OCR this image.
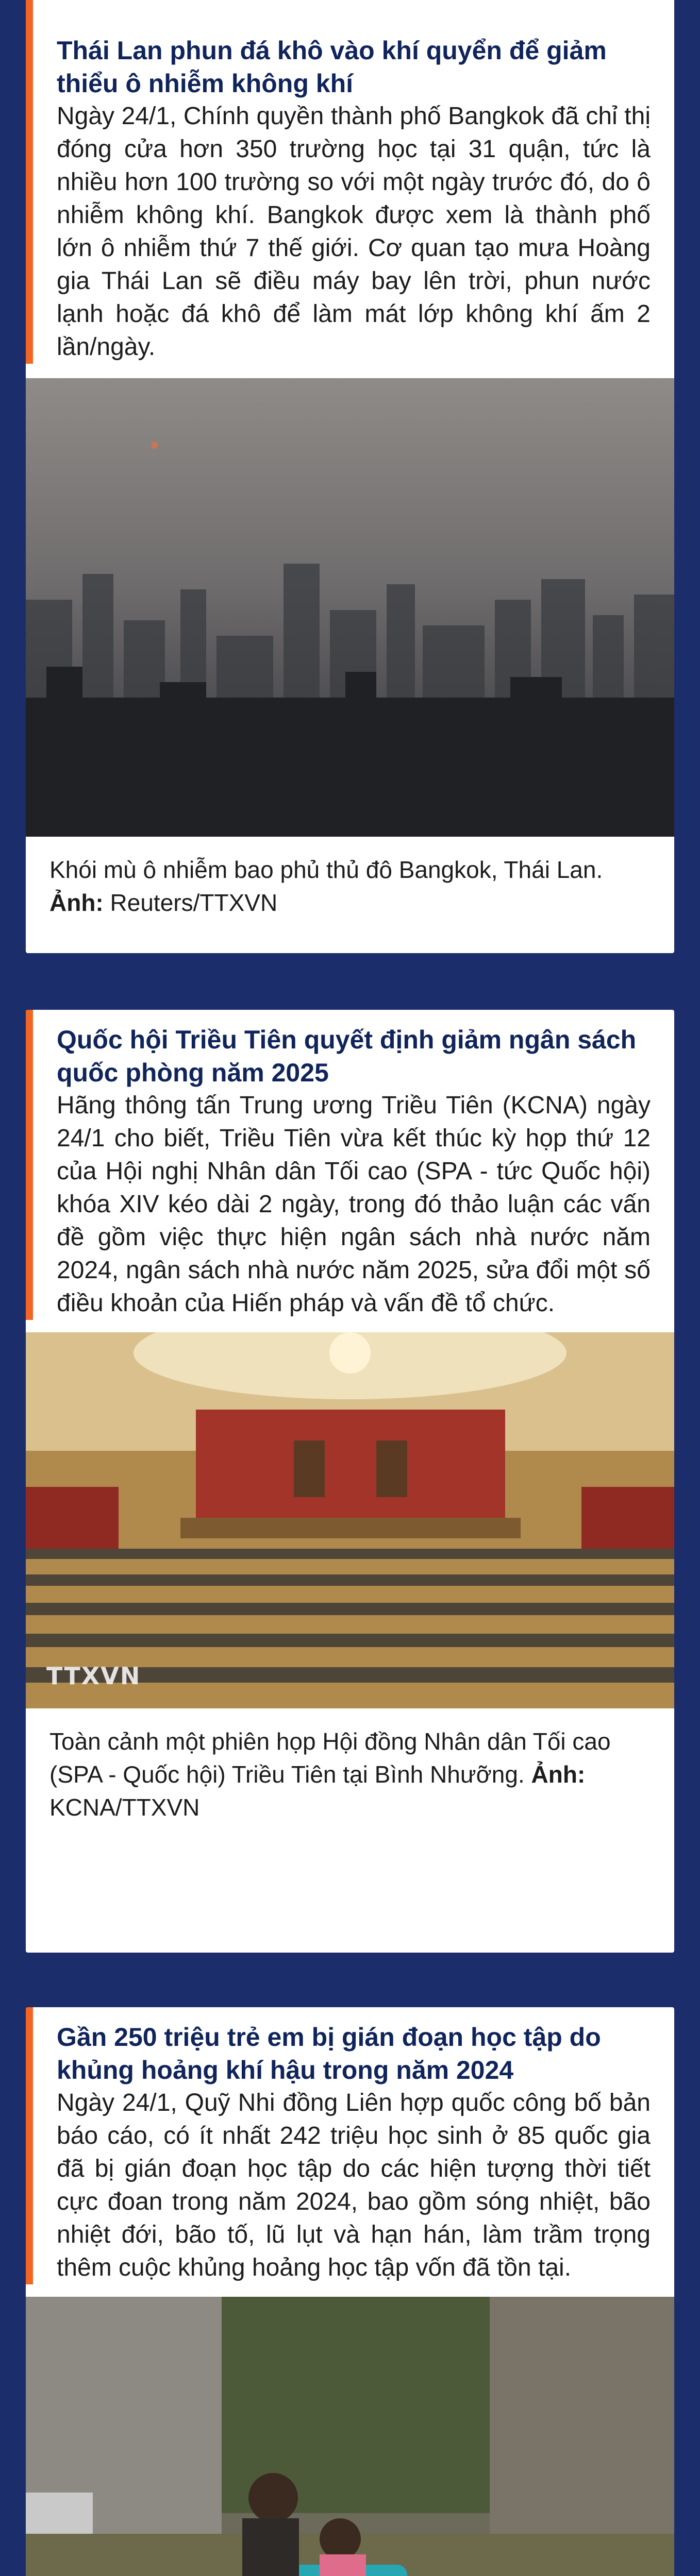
Thái Lan phun đá khô vào khí quyển để giảm thiểu ô nhiễm không khí
Ngày 24/1, Chính quyền thành phố Bangkok đã chỉ thị đóng cửa hơn 350 trường học tại 31 quận, tức là nhiều hơn 100 trường so với một ngày trước đó, do ô nhiễm không khí. Bangkok được xem là thành phố lớn ô nhiễm thứ 7 thế giới. Cơ quan tạo mưa Hoàng gia Thái Lan sẽ điều máy bay lên trời, phun nước lạnh hoặc đá khô để làm mát lớp không khí ấm 2 lần/ngày.
Khói mù ô nhiễm bao phủ thủ đô Bangkok, Thái Lan. Ảnh: Reuters/TTXVN
Quốc hội Triều Tiên quyết định giảm ngân sách quốc phòng năm 2025
Hãng thông tấn Trung ương Triều Tiên (KCNA) ngày 24/1 cho biết, Triều Tiên vừa kết thúc kỳ họp thứ 12 của Hội nghị Nhân dân Tối cao (SPA - tức Quốc hội) khóa XIV kéo dài 2 ngày, trong đó thảo luận các vấn đề gồm việc thực hiện ngân sách nhà nước năm 2024, ngân sách nhà nước năm 2025, sửa đổi một số điều khoản của Hiến pháp và vấn đề tổ chức.
TTXVN
Toàn cảnh một phiên họp Hội đồng Nhân dân Tối cao (SPA - Quốc hội) Triều Tiên tại Bình Nhưỡng. Ảnh: KCNA/TTXVN
Gần 250 triệu trẻ em bị gián đoạn học tập do khủng hoảng khí hậu trong năm 2024
Ngày 24/1, Quỹ Nhi đồng Liên hợp quốc công bố bản báo cáo, có ít nhất 242 triệu học sinh ở 85 quốc gia đã bị gián đoạn học tập do các hiện tượng thời tiết cực đoan trong năm 2024, bao gồm sóng nhiệt, bão nhiệt đới, bão tố, lũ lụt và hạn hán, làm trầm trọng thêm cuộc khủng hoảng học tập vốn đã tồn tại.
